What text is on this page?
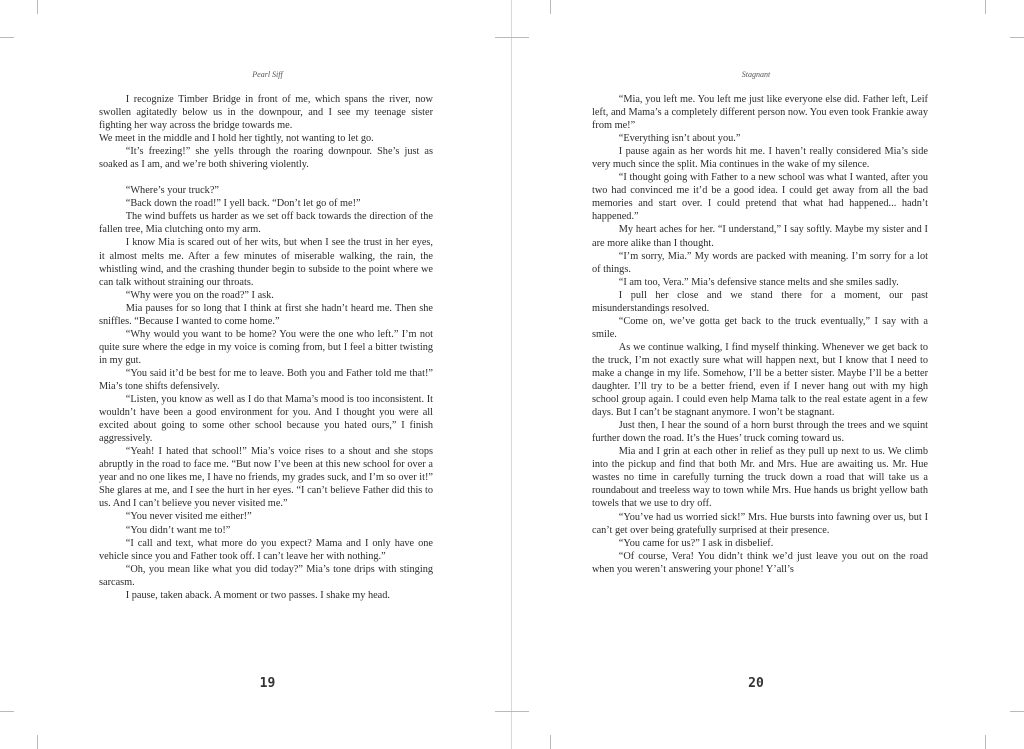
Pearl Siff

I recognize Timber Bridge in front of me, which spans the river, now swollen agitatedly below us in the downpour, and I see my teenage sister fighting her way across the bridge towards me.

We meet in the middle and I hold her tightly, not wanting to let go.

“It’s freezing!” she yells through the roaring downpour. She’s just as soaked as I am, and we’re both shivering violently.

“Where’s your truck?”

“Back down the road!” I yell back. “Don’t let go of me!”

The wind buffets us harder as we set off back towards the direction of the fallen tree, Mia clutching onto my arm.

I know Mia is scared out of her wits, but when I see the trust in her eyes, it almost melts me. After a few minutes of miserable walking, the rain, the whistling wind, and the crashing thunder begin to subside to the point where we can talk without straining our throats.

“Why were you on the road?” I ask.

Mia pauses for so long that I think at first she hadn’t heard me. Then she sniffles. “Because I wanted to come home.”

“Why would you want to be home? You were the one who left.” I’m not quite sure where the edge in my voice is coming from, but I feel a bitter twisting in my gut.

“You said it’d be best for me to leave. Both you and Father told me that!” Mia’s tone shifts defensively.

“Listen, you know as well as I do that Mama’s mood is too inconsistent. It wouldn’t have been a good environment for you. And I thought you were all excited about going to some other school because you hated ours,” I finish aggressively.

“Yeah! I hated that school!” Mia’s voice rises to a shout and she stops abruptly in the road to face me. “But now I’ve been at this new school for over a year and no one likes me, I have no friends, my grades suck, and I’m so over it!” She glares at me, and I see the hurt in her eyes. “I can’t believe Father did this to us. And I can’t believe you never visited me.”

“You never visited me either!”

“You didn’t want me to!”

“I call and text, what more do you expect? Mama and I only have one vehicle since you and Father took off. I can’t leave her with nothing.”

“Oh, you mean like what you did today?” Mia’s tone drips with stinging sarcasm.

I pause, taken aback. A moment or two passes. I shake my head.

19
Stagnant

“Mia, you left me. You left me just like everyone else did. Father left, Leif left, and Mama’s a completely different person now. You even took Frankie away from me!”

“Everything isn’t about you.”

I pause again as her words hit me. I haven’t really considered Mia’s side very much since the split. Mia continues in the wake of my silence.

“I thought going with Father to a new school was what I wanted, after you two had convinced me it’d be a good idea. I could get away from all the bad memories and start over. I could pretend that what had happened... hadn’t happened.”

My heart aches for her. “I understand,” I say softly. Maybe my sister and I are more alike than I thought.

“I’m sorry, Mia.” My words are packed with meaning. I’m sorry for a lot of things.

“I am too, Vera.” Mia’s defensive stance melts and she smiles sadly.

I pull her close and we stand there for a moment, our past misunderstandings resolved.

“Come on, we’ve gotta get back to the truck eventually,” I say with a smile.

As we continue walking, I find myself thinking. Whenever we get back to the truck, I’m not exactly sure what will happen next, but I know that I need to make a change in my life. Somehow, I’ll be a better sister. Maybe I’ll be a better daughter. I’ll try to be a better friend, even if I never hang out with my high school group again. I could even help Mama talk to the real estate agent in a few days. But I can’t be stagnant anymore. I won’t be stagnant.

Just then, I hear the sound of a horn burst through the trees and we squint further down the road. It’s the Hues’ truck coming toward us.

Mia and I grin at each other in relief as they pull up next to us. We climb into the pickup and find that both Mr. and Mrs. Hue are awaiting us. Mr. Hue wastes no time in carefully turning the truck down a road that will take us a roundabout and treeless way to town while Mrs. Hue hands us bright yellow bath towels that we use to dry off.

“You’ve had us worried sick!” Mrs. Hue bursts into fawning over us, but I can’t get over being gratefully surprised at their presence.

“You came for us?” I ask in disbelief.

“Of course, Vera! You didn’t think we’d just leave you out on the road when you weren’t answering your phone! Y’all’s

20
